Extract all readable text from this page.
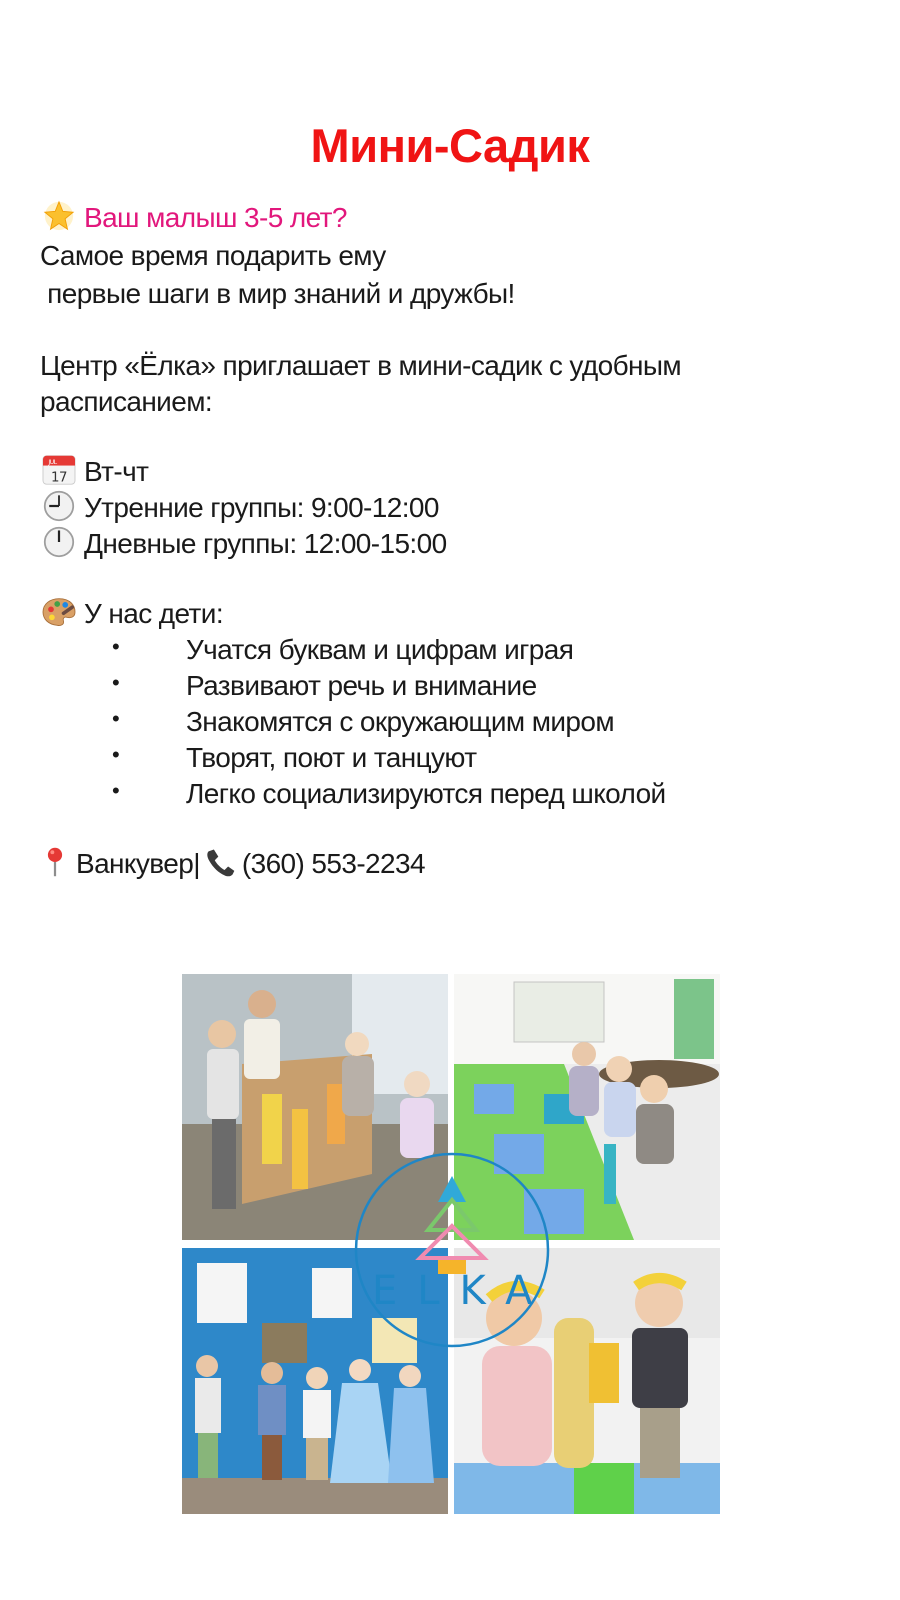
Мини-Садик
Ваш малыш 3-5 лет?
Самое время подарить ему
первые шаги в мир знаний и дружбы!
Центр «Ёлка» приглашает в мини-садик с удобным
расписанием:
JUL
17 Вт-чт
Утренние группы: 9:00-12:00
Дневные группы: 12:00-15:00
У нас дети:
• Учатся буквам и цифрам играя
• Развивают речь и внимание
• Знакомятся с окружающим миром
• Творят, поют и танцуют
• Легко социализируются перед школой
Ванкувер| (360) 553-2234
ELKA
